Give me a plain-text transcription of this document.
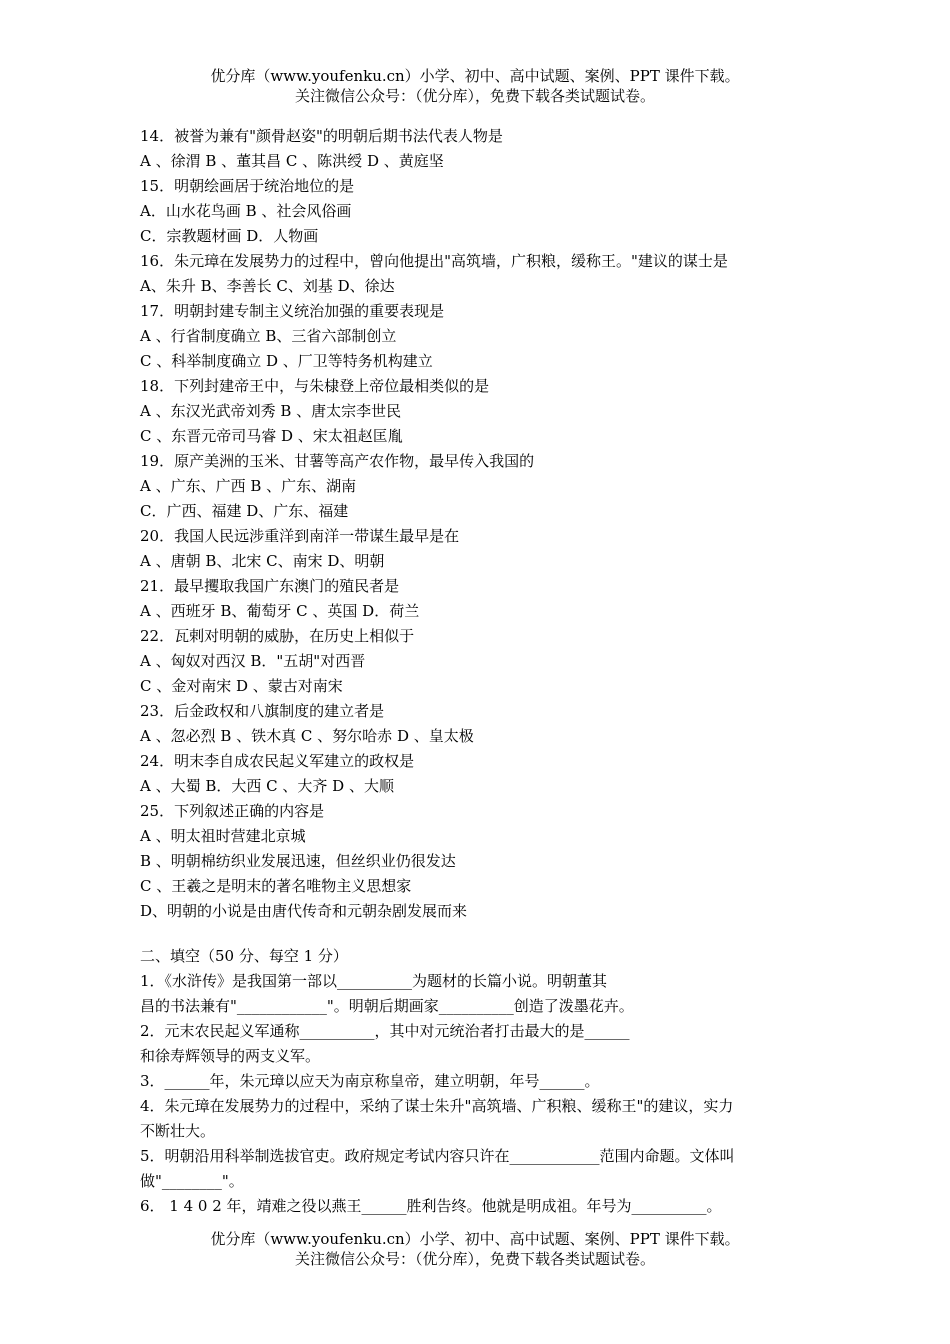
优分库（www.youfenku.cn）小学、初中、高中试题、案例、PPT 课件下载。
关注微信公众号：（优分库），免费下载各类试题试卷。
14．被誉为兼有"颜骨赵姿"的明朝后期书法代表人物是
A 、徐渭 B 、董其昌 C 、陈洪绶 D 、黄庭坚
15．明朝绘画居于统治地位的是
A．山水花鸟画 B 、社会风俗画
C．宗教题材画 D．人物画
16．朱元璋在发展势力的过程中，曾向他提出"高筑墙，广积粮，缓称王。"建议的谋士是
A、朱升 B、李善长 C、刘基 D、徐达
17．明朝封建专制主义统治加强的重要表现是
A 、行省制度确立 B、三省六部制创立
C 、科举制度确立 D 、厂卫等特务机构建立
18．下列封建帝王中，与朱棣登上帝位最相类似的是
A 、东汉光武帝刘秀 B 、唐太宗李世民
C 、东晋元帝司马睿 D 、宋太祖赵匡胤
19．原产美洲的玉米、甘薯等高产农作物，最早传入我国的
A 、广东、广西 B 、广东、湖南
C．广西、福建 D、广东、福建
20．我国人民远涉重洋到南洋一带谋生最早是在
A 、唐朝 B、北宋 C、南宋 D、明朝
21．最早攫取我国广东澳门的殖民者是
A 、西班牙 B、葡萄牙 C 、英国 D．荷兰
22．瓦剌对明朝的威胁，在历史上相似于
A 、匈奴对西汉 B．"五胡"对西晋
C 、金对南宋 D 、蒙古对南宋
23．后金政权和八旗制度的建立者是
A 、忽必烈 B 、铁木真 C 、努尔哈赤 D 、皇太极
24．明末李自成农民起义军建立的政权是
A 、大蜀 B．大西 C 、大齐 D 、大顺
25．下列叙述正确的内容是
A 、明太祖时营建北京城
B 、明朝棉纺织业发展迅速，但丝织业仍很发达
C 、王羲之是明末的著名唯物主义思想家
D、明朝的小说是由唐代传奇和元朝杂剧发展而来
二、填空（50 分、每空 1 分）
1．《水浒传》是我国第一部以__________为题材的长篇小说。明朝董其
昌的书法兼有"____________"。明朝后期画家__________创造了泼墨花卉。
2．元末农民起义军通称__________，其中对元统治者打击最大的是______
和徐寿辉领导的两支义军。
3．______年，朱元璋以应天为南京称皇帝，建立明朝，年号______。
4．朱元璋在发展势力的过程中，采纳了谋士朱升"高筑墙、广积粮、缓称王"的建议，实力
不断壮大。
5．明朝沿用科举制选拔官吏。政府规定考试内容只许在____________范围内命题。文体叫
做"________"。
6． 1 4 0 2 年，靖难之役以燕王______胜利告终。他就是明成祖。年号为__________。
优分库（www.youfenku.cn）小学、初中、高中试题、案例、PPT 课件下载。
关注微信公众号：（优分库），免费下载各类试题试卷。
